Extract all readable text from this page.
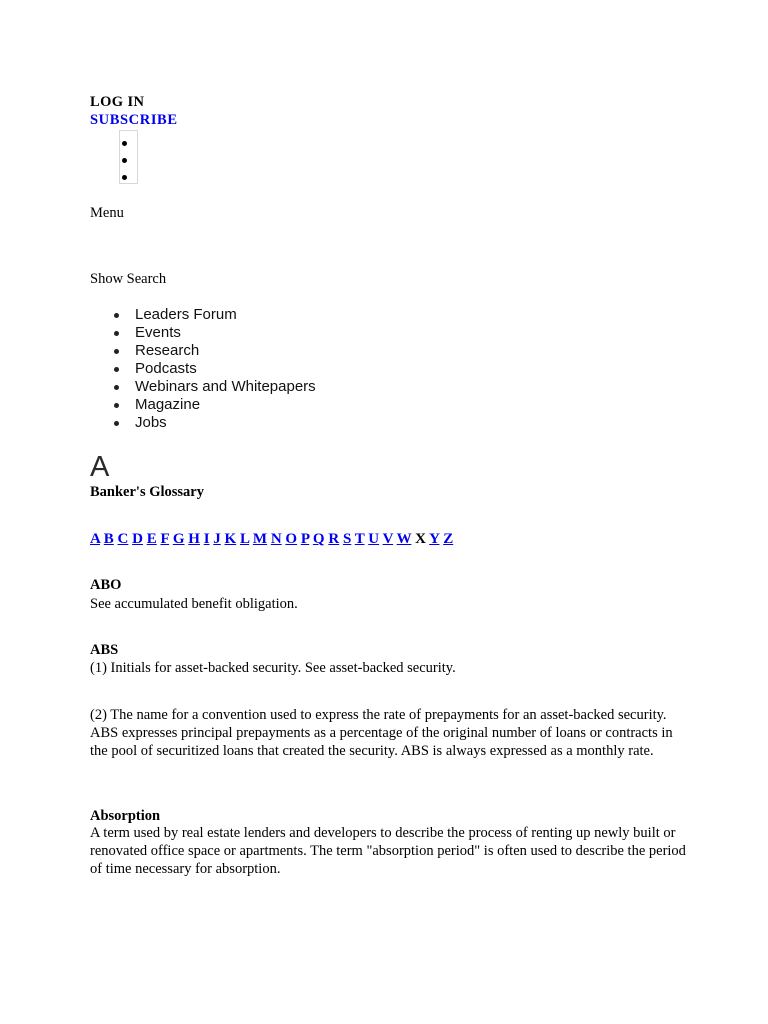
LOG IN
SUBSCRIBE
Menu
Show Search
Leaders Forum
Events
Research
Podcasts
Webinars and Whitepapers
Magazine
Jobs
A
Banker's Glossary
A B C D E F G H I J K L M N O P Q R S T U V W X Y Z
ABO

See accumulated benefit obligation.

ABS

(1) Initials for asset-backed security. See asset-backed security.

(2) The name for a convention used to express the rate of prepayments for an asset-backed security. ABS expresses principal prepayments as a percentage of the original number of loans or contracts in the pool of securitized loans that created the security. ABS is always expressed as a monthly rate.

Absorption

A term used by real estate lenders and developers to describe the process of renting up newly built or renovated office space or apartments. The term "absorption period" is often used to describe the period of time necessary for absorption.
